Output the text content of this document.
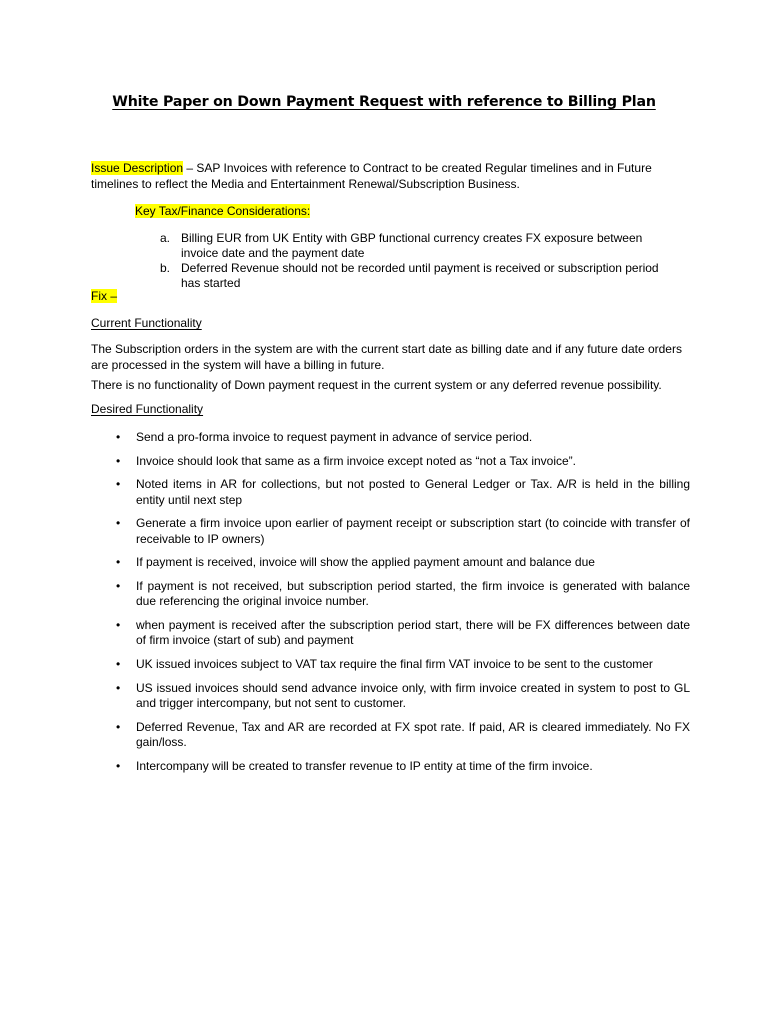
White Paper on Down Payment Request with reference to Billing Plan
Issue Description – SAP Invoices with reference to Contract to be created Regular timelines and in Future timelines to reflect the Media and Entertainment Renewal/Subscription Business.
Key Tax/Finance Considerations:
a. Billing EUR from UK Entity with GBP functional currency creates FX exposure between invoice date and the payment date
b. Deferred Revenue should not be recorded until payment is received or subscription period has started
Fix –
Current Functionality
The Subscription orders in the system are with the current start date as billing date and if any future date orders are processed in the system will have a billing in future.
There is no functionality of Down payment request in the current system or any deferred revenue possibility.
Desired Functionality
• Send a pro-forma invoice to request payment in advance of service period.
• Invoice should look that same as a firm invoice except noted as “not a Tax invoice”.
• Noted items in AR for collections, but not posted to General Ledger or Tax. A/R is held in the billing entity until next step
• Generate a firm invoice upon earlier of payment receipt or subscription start (to coincide with transfer of receivable to IP owners)
• If payment is received, invoice will show the applied payment amount and balance due
• If payment is not received, but subscription period started, the firm invoice is generated with balance due referencing the original invoice number.
• when payment is received after the subscription period start, there will be FX differences between date of firm invoice (start of sub) and payment
• UK issued invoices subject to VAT tax require the final firm VAT invoice to be sent to the customer
• US issued invoices should send advance invoice only, with firm invoice created in system to post to GL and trigger intercompany, but not sent to customer.
• Deferred Revenue, Tax and AR are recorded at FX spot rate. If paid, AR is cleared immediately. No FX gain/loss.
• Intercompany will be created to transfer revenue to IP entity at time of the firm invoice.
